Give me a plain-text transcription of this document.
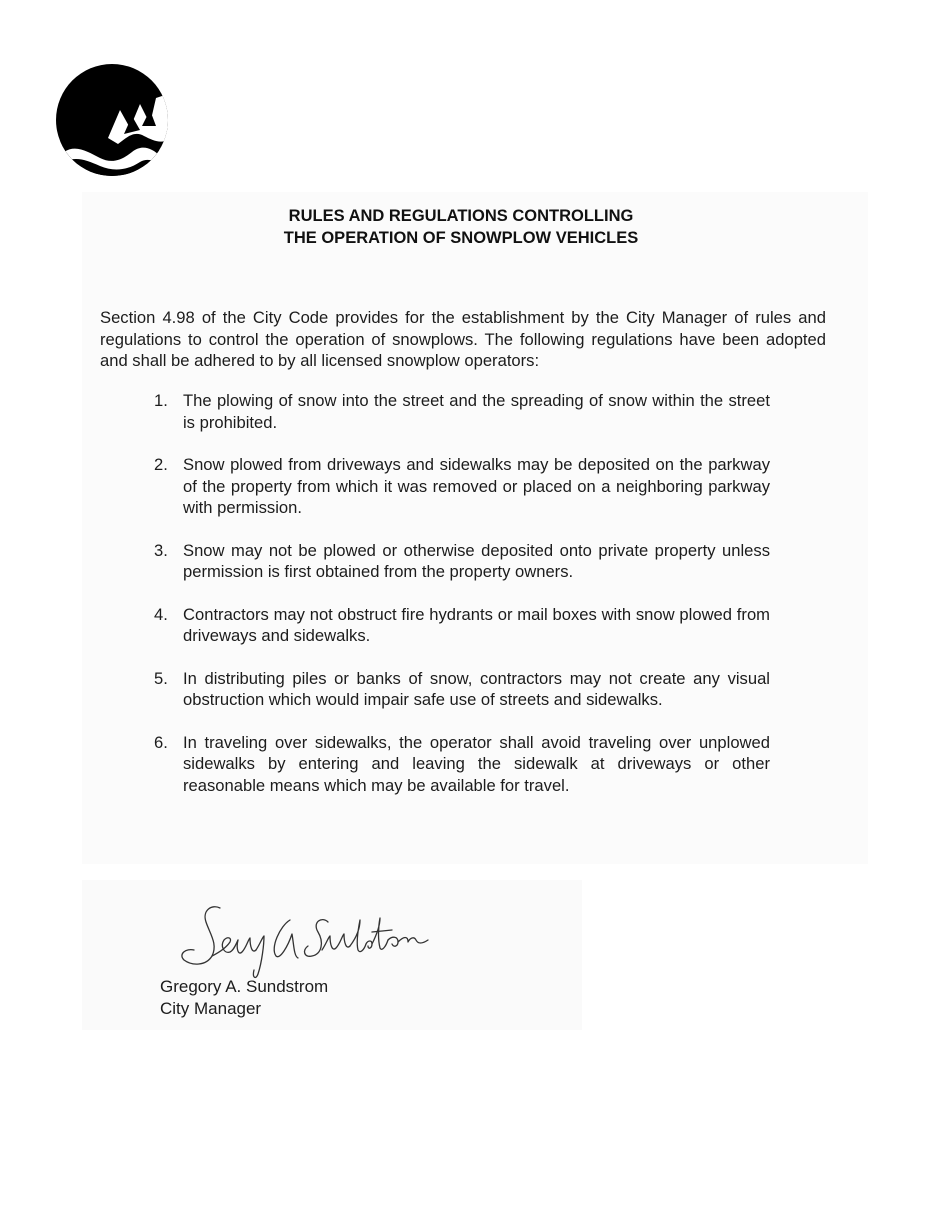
RULES AND REGULATIONS CONTROLLING
THE OPERATION OF SNOWPLOW VEHICLES

Section 4.98 of the City Code provides for the establishment by the City Manager of rules and regulations to control the operation of snowplows. The following regulations have been adopted and shall be adhered to by all licensed snowplow operators:

1. The plowing of snow into the street and the spreading of snow within the street is prohibited.
2. Snow plowed from driveways and sidewalks may be deposited on the parkway of the property from which it was removed or placed on a neighboring parkway with permission.
3. Snow may not be plowed or otherwise deposited onto private property unless permission is first obtained from the property owners.
4. Contractors may not obstruct fire hydrants or mail boxes with snow plowed from driveways and sidewalks.
5. In distributing piles or banks of snow, contractors may not create any visual obstruction which would impair safe use of streets and sidewalks.
6. In traveling over sidewalks, the operator shall avoid traveling over unplowed sidewalks by entering and leaving the sidewalk at driveways or other reasonable means which may be available for travel.

Gregory A. Sundstrom

City Manager
